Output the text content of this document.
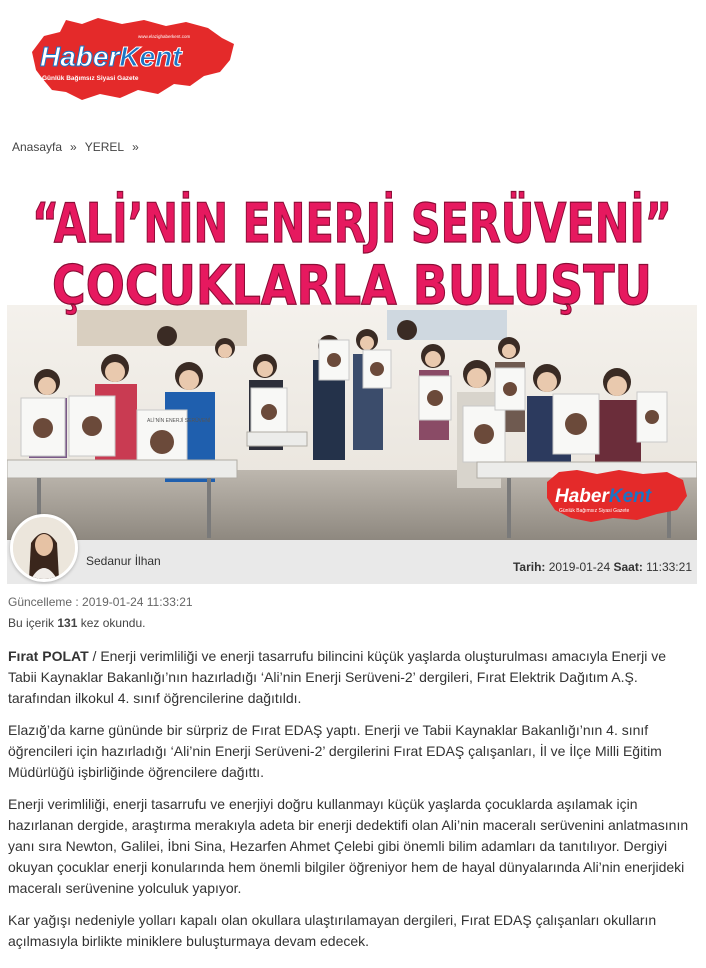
HaberKent
Günlük Bağımsız Siyasi Gazete
www.elazighaberkent.com
Anasayfa » YEREL »
ALİ’NİN ENERJİ SERÜVENİ
“ALİ’NİN ENERJİ SERÜVENİ”
ÇOCUKLARLA BULUŞTU
HaberKent
Günlük Bağımsız Siyasi Gazete
Sedanur İlhan	Tarih: 2019-01-24 Saat: 11:33:21
Güncelleme : 2019-01-24 11:33:21
Bu içerik 131 kez okundu.

Fırat POLAT / Enerji verimliliği ve enerji tasarrufu bilincini küçük yaşlarda oluşturulması amacıyla Enerji ve Tabii Kaynaklar Bakanlığı’nın hazırladığı ‘Ali’nin Enerji Serüveni-2’ dergileri, Fırat Elektrik Dağıtım A.Ş. tarafından ilkokul 4. sınıf öğrencilerine dağıtıldı.

Elazığ’da karne gününde bir sürpriz de Fırat EDAŞ yaptı. Enerji ve Tabii Kaynaklar Bakanlığı’nın 4. sınıf öğrencileri için hazırladığı ‘Ali’nin Enerji Serüveni-2’ dergilerini Fırat EDAŞ çalışanları, İl ve İlçe Milli Eğitim Müdürlüğü işbirliğinde öğrencilere dağıttı.

Enerji verimliliği, enerji tasarrufu ve enerjiyi doğru kullanmayı küçük yaşlarda çocuklarda aşılamak için hazırlanan dergide, araştırma merakıyla adeta bir enerji dedektifi olan Ali’nin maceralı serüvenini anlatmasının yanı sıra Newton, Galilei, İbni Sina, Hezarfen Ahmet Çelebi gibi önemli bilim adamları da tanıtılıyor. Dergiyi okuyan çocuklar enerji konularında hem önemli bilgiler öğreniyor hem de hayal dünyalarında Ali’nin enerjideki maceralı serüvenine yolculuk yapıyor.

Kar yağışı nedeniyle yolları kapalı olan okullara ulaştırılamayan dergileri, Fırat EDAŞ çalışanları okulların açılmasıyla birlikte miniklere buluşturmaya devam edecek.
